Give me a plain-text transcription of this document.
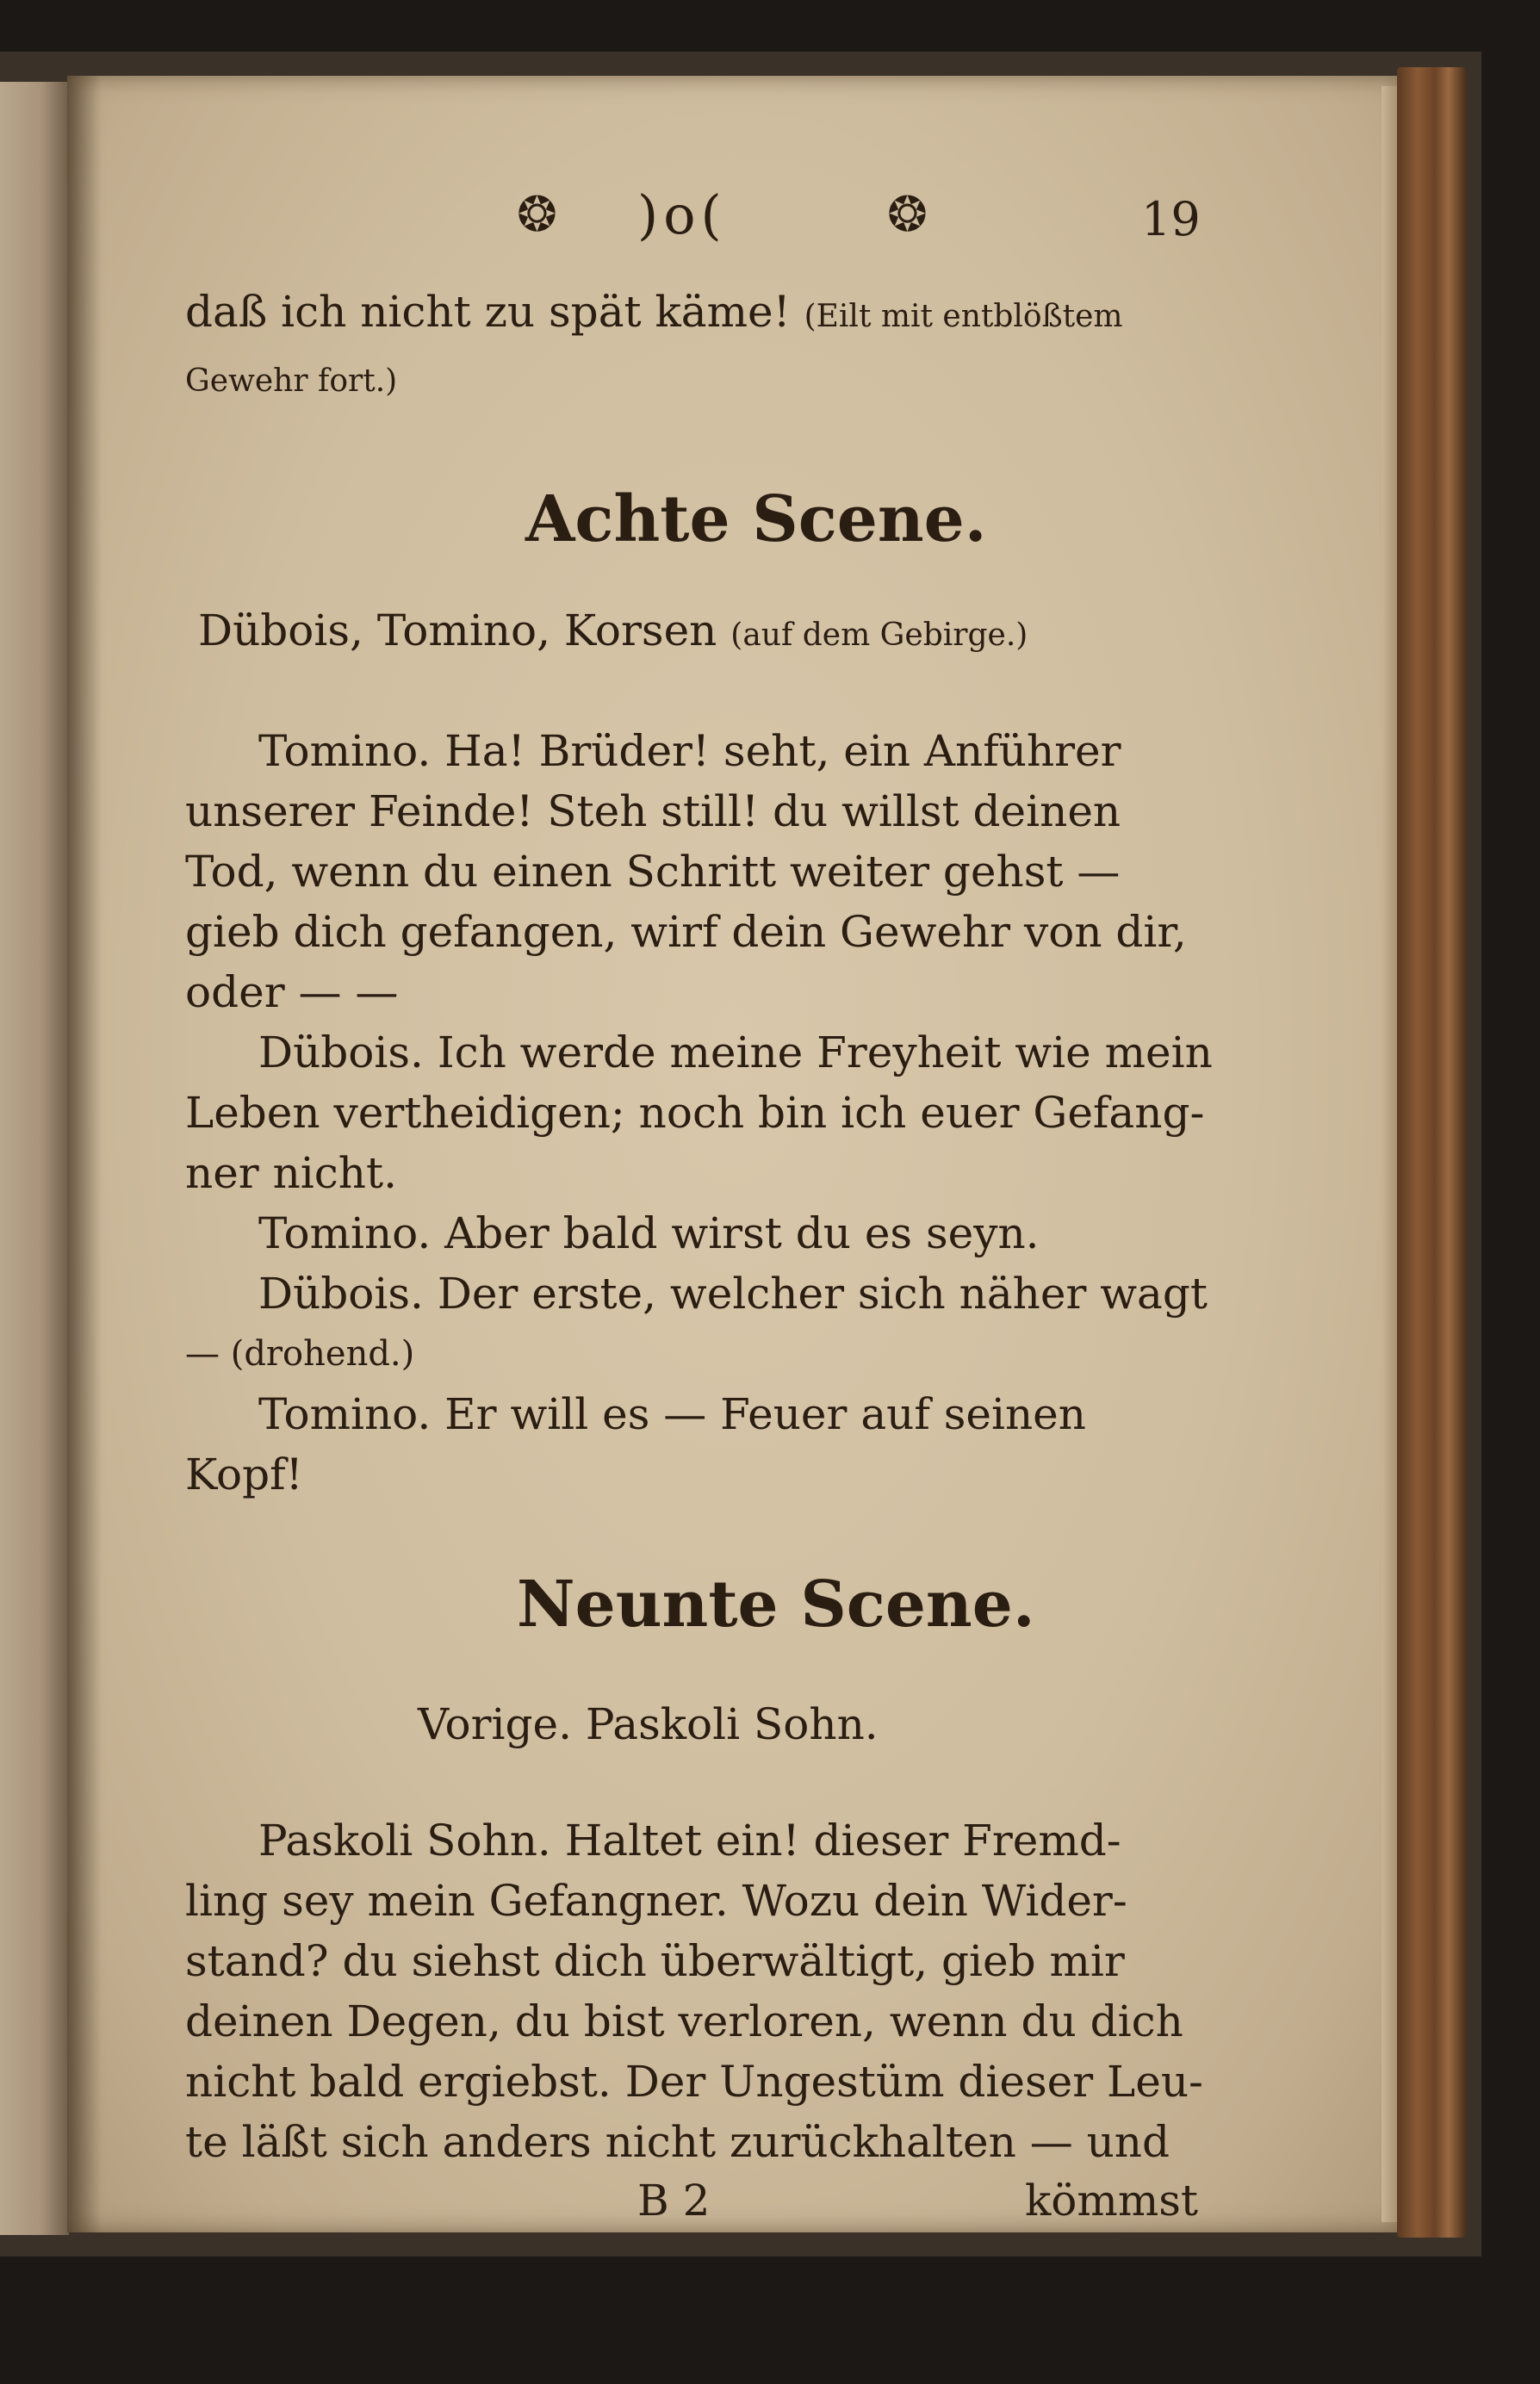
❂ )o(	❂	19
daß ich nicht zu spät käme! (Eilt mit entblößtem
Gewehr fort.)
Achte Scene.
Dübois, Tomino, Korsen (auf dem Gebirge.)
Tomino. Ha! Brüder! seht, ein Anführer
unserer Feinde! Steh still! du willst deinen
Tod, wenn du einen Schritt weiter gehst —
gieb dich gefangen, wirf dein Gewehr von dir,
oder — —
Dübois. Ich werde meine Freyheit wie mein
Leben vertheidigen; noch bin ich euer Gefang-
ner nicht.
Tomino. Aber bald wirst du es seyn.
Dübois. Der erste, welcher sich näher wagt
— (drohend.)
Tomino. Er will es — Feuer auf seinen
Kopf!
Neunte Scene.
Vorige. Paskoli Sohn.
Paskoli Sohn. Haltet ein! dieser Fremd-
ling sey mein Gefangner. Wozu dein Wider-
stand? du siehst dich überwältigt, gieb mir
deinen Degen, du bist verloren, wenn du dich
nicht bald ergiebst. Der Ungestüm dieser Leu-
te läßt sich anders nicht zurückhalten — und
B 2	kömmst
